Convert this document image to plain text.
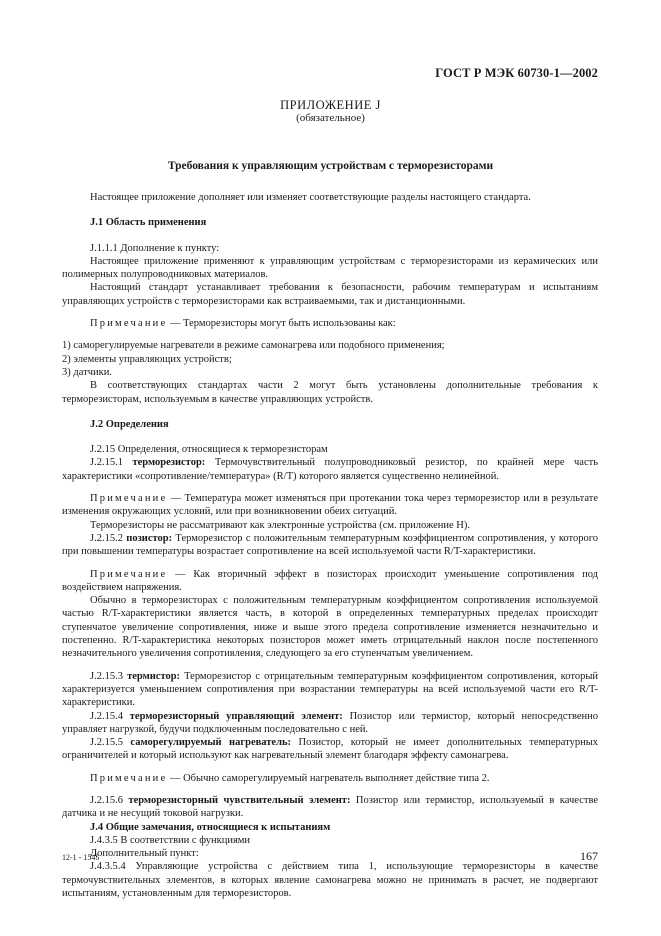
ГОСТ Р МЭК 60730-1—2002
ПРИЛОЖЕНИЕ J
(обязательное)
Требования к управляющим устройствам с терморезисторами

Настоящее приложение дополняет или изменяет соответствующие разделы настоящего стандарта.

J.1 Область применения

J.1.1.1 Дополнение к пункту:

Настоящее приложение применяют к управляющим устройствам с терморезисторами из керамических или полимерных полупроводниковых материалов.

Настоящий стандарт устанавливает требования к безопасности, рабочим температурам и испытаниям управляющих устройств с терморезисторами как встраиваемыми, так и дистанционными.

Примечание — Терморезисторы могут быть использованы как:

1) саморегулируемые нагреватели в режиме самонагрева или подобного применения;

2) элементы управляющих устройств;

3) датчики.

В соответствующих стандартах части 2 могут быть установлены дополнительные требования к терморезисторам, используемым в качестве управляющих устройств.

J.2 Определения

J.2.15 Определения, относящиеся к терморезисторам

J.2.15.1 терморезистор: Термочувствительный полупроводниковый резистор, по крайней мере часть характеристики «сопротивление/температура» (R/T) которого является существенно нелинейной.

Примечание — Температура может изменяться при протекании тока через терморезистор или в результате изменения окружающих условий, или при возникновении обеих ситуаций.

Терморезисторы не рассматривают как электронные устройства (см. приложение H).

J.2.15.2 позистор: Терморезистор с положительным температурным коэффициентом сопротивления, у которого при повышении температуры возрастает сопротивление на всей используемой части R/T-характеристики.

Примечание — Как вторичный эффект в позисторах происходит уменьшение сопротивления под воздействием напряжения.

Обычно в терморезисторах с положительным температурным коэффициентом сопротивления используемой частью R/T-характеристики является часть, в которой в определенных температурных пределах происходит ступенчатое увеличение сопротивления, ниже и выше этого предела сопротивление изменяется незначительно и постепенно. R/T-характеристика некоторых позисторов может иметь отрицательный наклон после постепенного незначительного увеличения сопротивления, следующего за его ступенчатым увеличением.

J.2.15.3 термистор: Терморезистор с отрицательным температурным коэффициентом сопротивления, который характеризуется уменьшением сопротивления при возрастании температуры на всей используемой части его R/T-характеристики.

J.2.15.4 терморезисторный управляющий элемент: Позистор или термистор, который непосредственно управляет нагрузкой, будучи подключенным последовательно с ней.

J.2.15.5 саморегулируемый нагреватель: Позистор, который не имеет дополнительных температурных ограничителей и который используют как нагревательный элемент благодаря эффекту самонагрева.

Примечание — Обычно саморегулируемый нагреватель выполняет действие типа 2.

J.2.15.6 терморезисторный чувствительный элемент: Позистор или термистор, используемый в качестве датчика и не несущий токовой нагрузки.

J.4 Общие замечания, относящиеся к испытаниям

J.4.3.5 В соответствии с функциями

Дополнительный пункт:

J.4.3.5.4 Управляющие устройства с действием типа 1, использующие терморезисторы в качестве термочувствительных элементов, в которых явление самонагрева можно не принимать в расчет, не подвергают испытаниям, установленным для терморезисторов.

12-1 - 1545	167
